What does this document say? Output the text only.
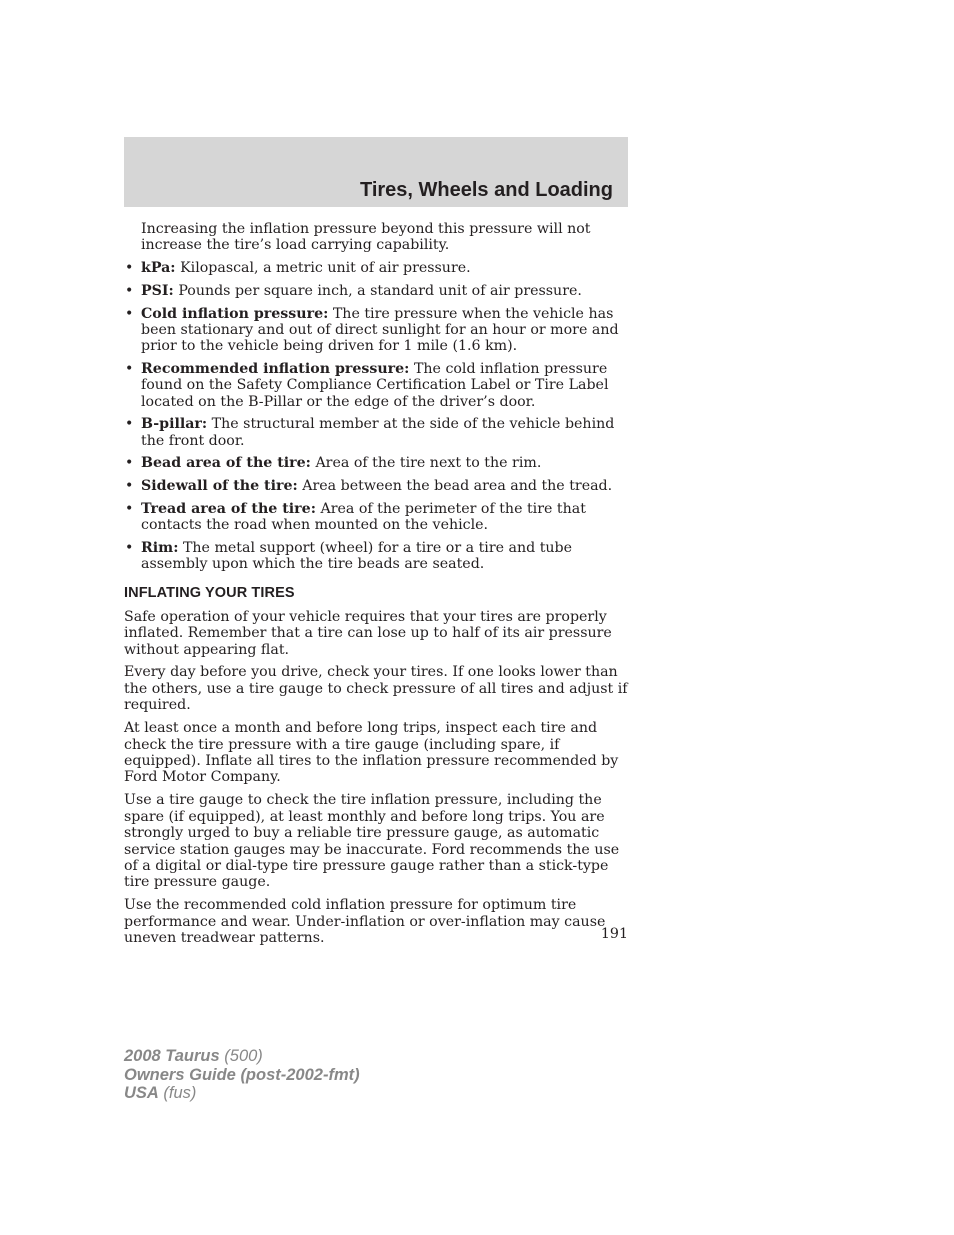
Tires, Wheels and Loading

Increasing the inflation pressure beyond this pressure will not increase the tire’s load carrying capability.

• kPa: Kilopascal, a metric unit of air pressure.
• PSI: Pounds per square inch, a standard unit of air pressure.
• Cold inflation pressure: The tire pressure when the vehicle has been stationary and out of direct sunlight for an hour or more and prior to the vehicle being driven for 1 mile (1.6 km).
• Recommended inflation pressure: The cold inflation pressure found on the Safety Compliance Certification Label or Tire Label located on the B-Pillar or the edge of the driver’s door.
• B-pillar: The structural member at the side of the vehicle behind the front door.
• Bead area of the tire: Area of the tire next to the rim.
• Sidewall of the tire: Area between the bead area and the tread.
• Tread area of the tire: Area of the perimeter of the tire that contacts the road when mounted on the vehicle.
• Rim: The metal support (wheel) for a tire or a tire and tube assembly upon which the tire beads are seated.
INFLATING YOUR TIRES

Safe operation of your vehicle requires that your tires are properly inflated. Remember that a tire can lose up to half of its air pressure without appearing flat.

Every day before you drive, check your tires. If one looks lower than the others, use a tire gauge to check pressure of all tires and adjust if required.

At least once a month and before long trips, inspect each tire and check the tire pressure with a tire gauge (including spare, if equipped). Inflate all tires to the inflation pressure recommended by Ford Motor Company.

Use a tire gauge to check the tire inflation pressure, including the spare (if equipped), at least monthly and before long trips. You are strongly urged to buy a reliable tire pressure gauge, as automatic service station gauges may be inaccurate. Ford recommends the use of a digital or dial-type tire pressure gauge rather than a stick-type tire pressure gauge.

Use the recommended cold inflation pressure for optimum tire performance and wear. Under-inflation or over-inflation may cause uneven treadwear patterns.	191
2008 Taurus (500)
Owners Guide (post-2002-fmt)
USA (fus)
